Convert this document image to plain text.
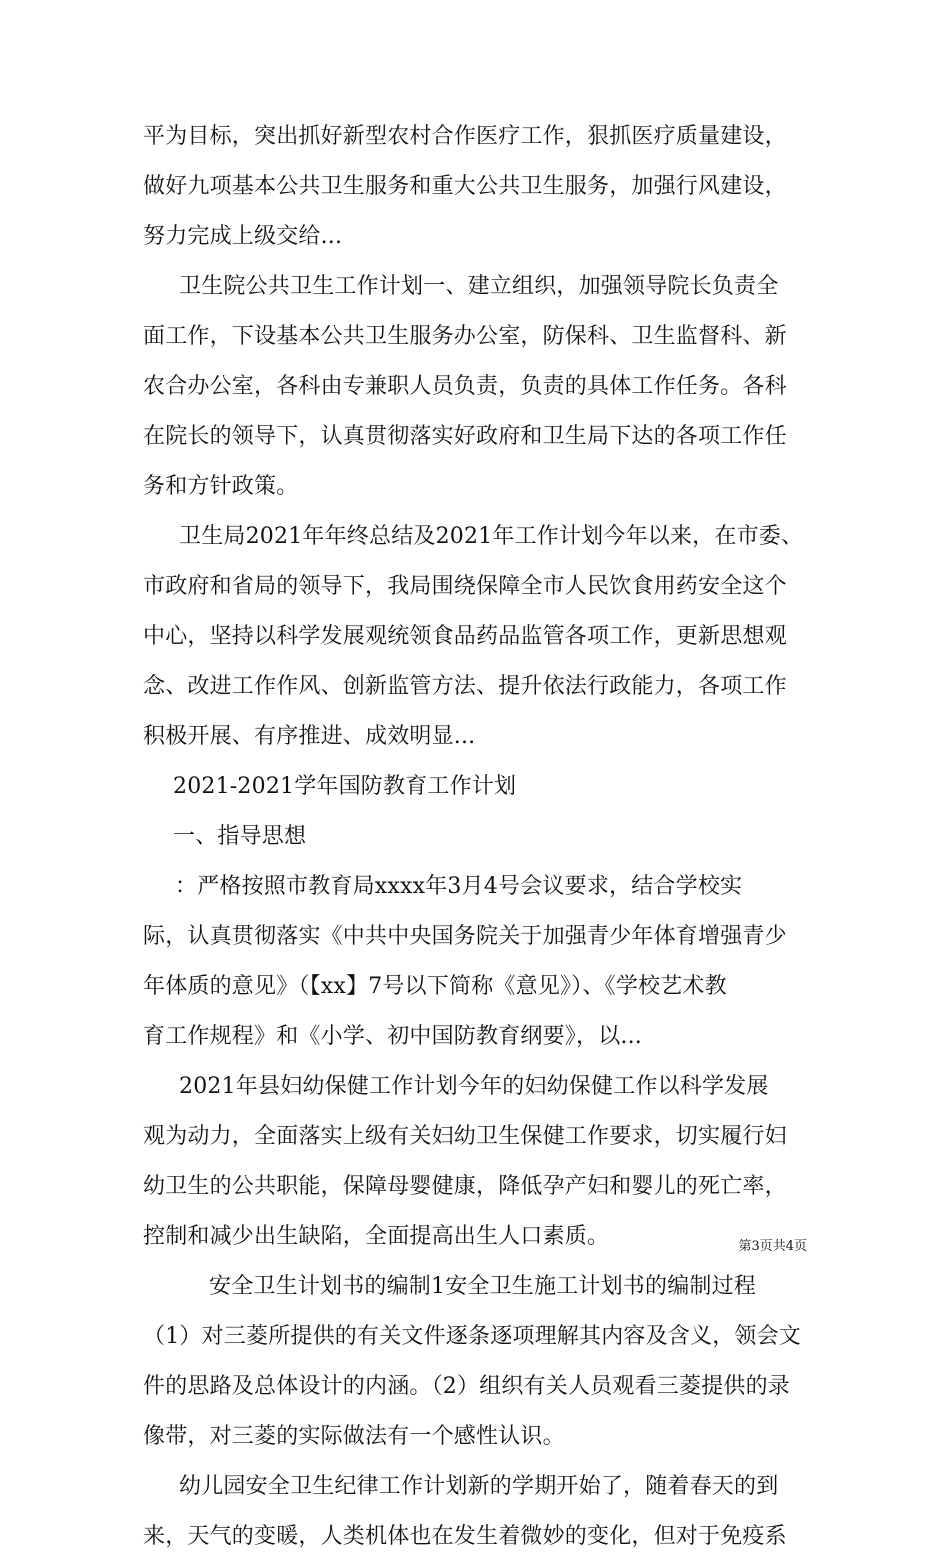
平为目标，突出抓好新型农村合作医疗工作，狠抓医疗质量建设，
做好九项基本公共卫生服务和重大公共卫生服务，加强行风建设，
努力完成上级交给...
卫生院公共卫生工作计划一、建立组织，加强领导院长负责全
面工作，下设基本公共卫生服务办公室，防保科、卫生监督科、新
农合办公室，各科由专兼职人员负责，负责的具体工作任务。各科
在院长的领导下，认真贯彻落实好政府和卫生局下达的各项工作任
务和方针政策。
卫生局2021年年终总结及2021年工作计划今年以来，在市委、
市政府和省局的领导下，我局围绕保障全市人民饮食用药安全这个
中心，坚持以科学发展观统领食品药品监管各项工作，更新思想观
念、改进工作作风、创新监管方法、提升依法行政能力，各项工作
积极开展、有序推进、成效明显...
2021-2021学年国防教育工作计划
一、指导思想
：严格按照市教育局xxxx年3月4号会议要求，结合学校实
际，认真贯彻落实《中共中央国务院关于加强青少年体育增强青少
年体质的意见》（【xx】7号以下简称《意见》）、《学校艺术教
育工作规程》和《小学、初中国防教育纲要》，以...
2021年县妇幼保健工作计划今年的妇幼保健工作以科学发展
观为动力，全面落实上级有关妇幼卫生保健工作要求，切实履行妇
幼卫生的公共职能，保障母婴健康，降低孕产妇和婴儿的死亡率，
控制和减少出生缺陷，全面提高出生人口素质。
安全卫生计划书的编制1安全卫生施工计划书的编制过程
（1）对三菱所提供的有关文件逐条逐项理解其内容及含义，领会文
件的思路及总体设计的内涵。（2）组织有关人员观看三菱提供的录
像带，对三菱的实际做法有一个感性认识。
幼儿园安全卫生纪律工作计划新的学期开始了，随着春天的到
来，天气的变暖，人类机体也在发生着微妙的变化，但对于免疫系
第3页共4页
